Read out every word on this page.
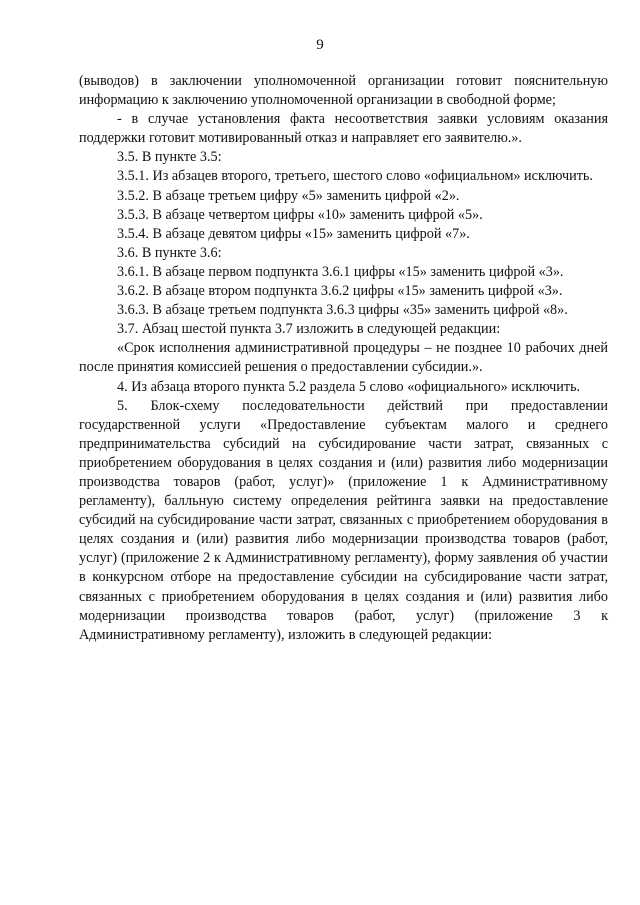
9

(выводов) в заключении уполномоченной организации готовит пояснительную информацию к заключению уполномоченной организации в свободной форме;

- в случае установления факта несоответствия заявки условиям оказания поддержки готовит мотивированный отказ и направляет его заявителю.».

3.5. В пункте 3.5:

3.5.1. Из абзацев второго, третьего, шестого слово «официальном» исключить.

3.5.2. В абзаце третьем цифру «5» заменить цифрой «2».

3.5.3. В абзаце четвертом цифры «10» заменить цифрой «5».

3.5.4. В абзаце девятом цифры «15» заменить цифрой «7».

3.6. В пункте 3.6:

3.6.1. В абзаце первом подпункта 3.6.1 цифры «15» заменить цифрой «3».

3.6.2. В абзаце втором подпункта 3.6.2 цифры «15» заменить цифрой «3».

3.6.3. В абзаце третьем подпункта 3.6.3 цифры «35» заменить цифрой «8».

3.7. Абзац шестой пункта 3.7 изложить в следующей редакции:

«Срок исполнения административной процедуры – не позднее 10 рабочих дней после принятия комиссией решения о предоставлении субсидии.».

4. Из абзаца второго пункта 5.2 раздела 5 слово «официального» исключить.

5. Блок-схему последовательности действий при предоставлении государственной услуги «Предоставление субъектам малого и среднего предпринимательства субсидий на субсидирование части затрат, связанных с приобретением оборудования в целях создания и (или) развития либо модернизации производства товаров (работ, услуг)» (приложение 1 к Административному регламенту), балльную систему определения рейтинга заявки на предоставление субсидий на субсидирование части затрат, связанных с приобретением оборудования в целях создания и (или) развития либо модернизации производства товаров (работ, услуг) (приложение 2 к Административному регламенту), форму заявления об участии в конкурсном отборе на предоставление субсидии на субсидирование части затрат, связанных с приобретением оборудования в целях создания и (или) развития либо модернизации производства товаров (работ, услуг) (приложение 3 к Административному регламенту), изложить в следующей редакции:
